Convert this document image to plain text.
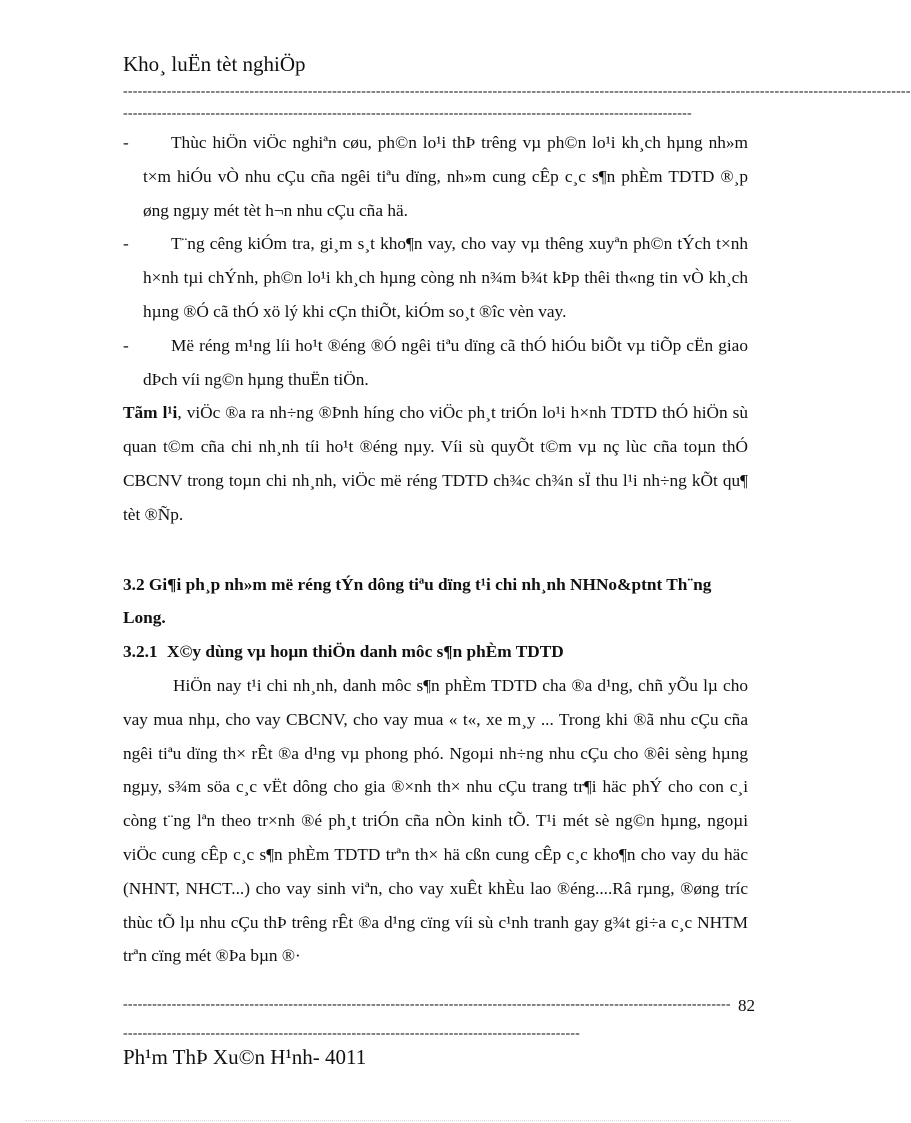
Kho¸ luËn tèt nghiÖp
------------------------------------------------------------------------------------------------------------------------------------------------------------------
---------------------------------------------------------------------------------------------------------------------
-	Thùc hiÖn viÖc nghiªn cøu, ph©n lo¹i thÞ trêng vµ ph©n lo¹i kh¸ch hµng nh»m t×m hiÓu vÒ nhu cÇu cña ngêi tiªu dïng, nh»m cung cÊp c¸c s¶n phÈm TDTD ®¸p øng ngµy mét tèt h¬n nhu cÇu cña hä.
-	T¨ng cêng kiÓm tra, gi¸m s¸t kho¶n vay, cho vay vµ thêng xuyªn ph©n tÝch t×nh h×nh tµi chÝnh, ph©n lo¹i kh¸ch hµng còng nh n¾m b¾t kÞp thêi th«ng tin vÒ kh¸ch hµng ®Ó cã thÓ xö lý khi cÇn thiÕt, kiÓm so¸t ®îc vèn vay.
-	Më réng m¹ng líi ho¹t ®éng ®Ó ngêi tiªu dïng cã thÓ hiÓu biÕt vµ tiÕp cËn giao dÞch víi ng©n hµng thuËn tiÖn.

Tãm l¹i, viÖc ®a ra nh÷ng ®Þnh híng cho viÖc ph¸t triÓn lo¹i h×nh TDTD thÓ hiÖn sù quan t©m cña chi nh¸nh tíi ho¹t ®éng nµy. Víi sù quyÕt t©m vµ nç lùc cña toµn thÓ CBCNV trong toµn chi nh¸nh, viÖc më réng TDTD ch¾c ch¾n sÏ thu l¹i nh÷ng kÕt qu¶ tèt ®Ñp.

3.2 Gi¶i ph¸p nh»m më réng tÝn dông tiªu dïng t¹i chi nh¸nh NHNo&ptnt Th¨ng Long.

3.2.1 X©y dùng vµ hoµn thiÖn danh môc s¶n phÈm TDTD

HiÖn nay t¹i chi nh¸nh, danh môc s¶n phÈm TDTD cha ®a d¹ng, chñ yÕu lµ cho vay mua nhµ, cho vay CBCNV, cho vay mua « t«, xe m¸y ... Trong khi ®ã nhu cÇu cña ngêi tiªu dïng th× rÊt ®a d¹ng vµ phong phó. Ngoµi nh÷ng nhu cÇu cho ®êi sèng hµng ngµy, s¾m söa c¸c vËt dông cho gia ®×nh th× nhu cÇu trang tr¶i häc phÝ cho con c¸i còng t¨ng lªn theo tr×nh ®é ph¸t triÓn cña nÒn kinh tÕ. T¹i mét sè ng©n hµng, ngoµi viÖc cung cÊp c¸c s¶n phÈm TDTD trªn th× hä cßn cung cÊp c¸c kho¶n cho vay du häc (NHNT, NHCT...) cho vay sinh viªn, cho vay xuÊt khÈu lao ®éng....Râ rµng, ®øng tríc thùc tÕ lµ nhu cÇu thÞ trêng rÊt ®a d¹ng cïng víi sù c¹nh tranh gay g¾t gi÷a c¸c NHTM trªn cïng mét ®Þa bµn ®·

----------------------------------------------------------------------------------------------------------------------------- 82
----------------------------------------------------------------------------------------------
Ph¹m ThÞ Xu©n H¹nh- 4011
